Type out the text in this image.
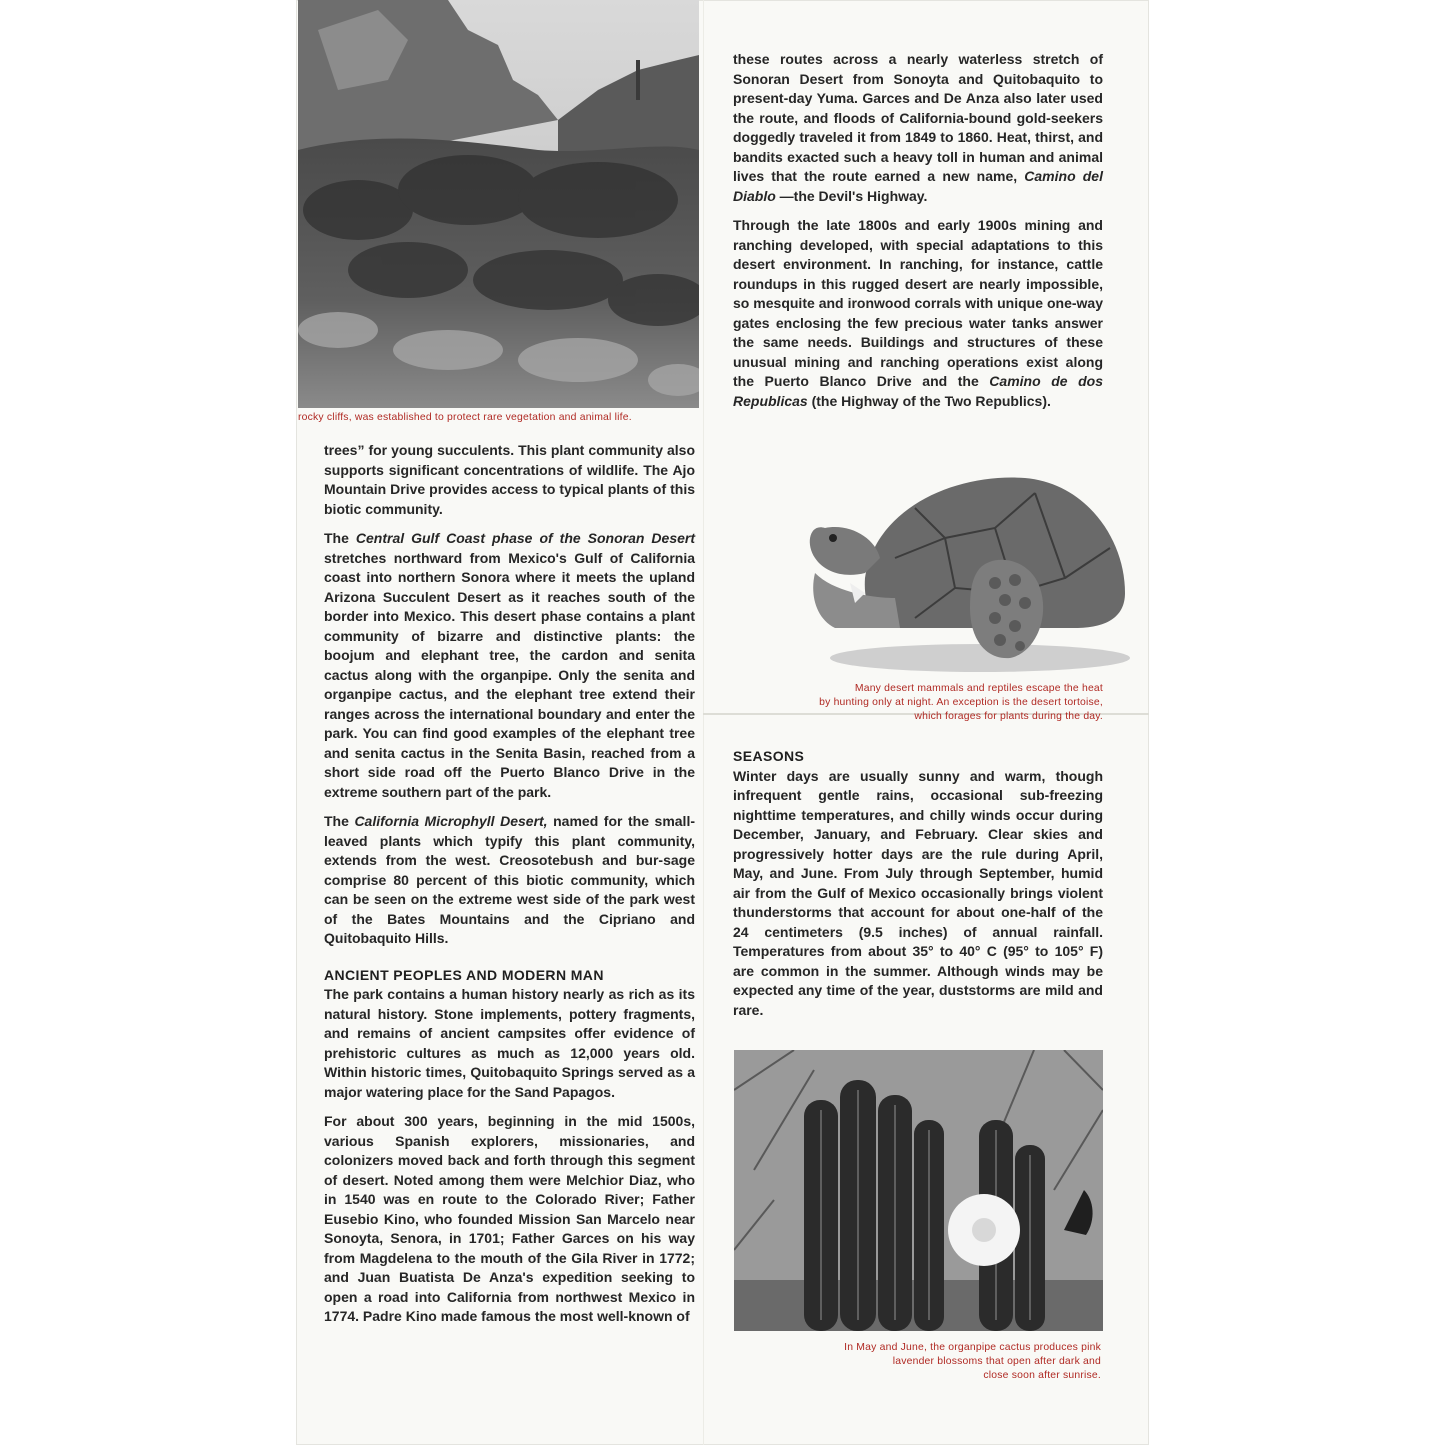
rocky cliffs, was established to protect rare vegetation and animal life.

trees” for young succulents. This plant community also supports significant concentrations of wildlife. The Ajo Mountain Drive provides access to typical plants of this biotic community.

The Central Gulf Coast phase of the Sonoran Desert stretches northward from Mexico's Gulf of California coast into northern Sonora where it meets the upland Arizona Succulent Desert as it reaches south of the border into Mexico. This desert phase contains a plant community of bizarre and distinctive plants: the boojum and elephant tree, the cardon and senita cactus along with the organpipe. Only the senita and organpipe cactus, and the elephant tree extend their ranges across the international boundary and enter the park. You can find good examples of the elephant tree and senita cactus in the Senita Basin, reached from a short side road off the Puerto Blanco Drive in the extreme southern part of the park.

The California Microphyll Desert, named for the small-leaved plants which typify this plant community, extends from the west. Creosotebush and bur-sage comprise 80 percent of this biotic community, which can be seen on the extreme west side of the park west of the Bates Mountains and the Cipriano and Quitobaquito Hills.

ANCIENT PEOPLES AND MODERN MAN

The park contains a human history nearly as rich as its natural history. Stone implements, pottery fragments, and remains of ancient campsites offer evidence of prehistoric cultures as much as 12,000 years old. Within historic times, Quitobaquito Springs served as a major watering place for the Sand Papagos.

For about 300 years, beginning in the mid 1500s, various Spanish explorers, missionaries, and colonizers moved back and forth through this segment of desert. Noted among them were Melchior Diaz, who in 1540 was en route to the Colorado River; Father Eusebio Kino, who founded Mission San Marcelo near Sonoyta, Senora, in 1701; Father Garces on his way from Magdelena to the mouth of the Gila River in 1772; and Juan Buatista De Anza's expedition seeking to open a road into California from northwest Mexico in 1774. Padre Kino made famous the most well-known of

these routes across a nearly waterless stretch of Sonoran Desert from Sonoyta and Quitobaquito to present-day Yuma. Garces and De Anza also later used the route, and floods of California-bound gold-seekers doggedly traveled it from 1849 to 1860. Heat, thirst, and bandits exacted such a heavy toll in human and animal lives that the route earned a new name, Camino del Diablo —the Devil's Highway.

Through the late 1800s and early 1900s mining and ranching developed, with special adaptations to this desert environment. In ranching, for instance, cattle roundups in this rugged desert are nearly impossible, so mesquite and ironwood corrals with unique one-way gates enclosing the few precious water tanks answer the same needs. Buildings and structures of these unusual mining and ranching operations exist along the Puerto Blanco Drive and the Camino de dos Republicas (the Highway of the Two Republics).

Many desert mammals and reptiles escape the heat
by hunting only at night. An exception is the desert tortoise,
which forages for plants during the day.
SEASONS

Winter days are usually sunny and warm, though infrequent gentle rains, occasional sub-freezing nighttime temperatures, and chilly winds occur during December, January, and February. Clear skies and progressively hotter days are the rule during April, May, and June. From July through September, humid air from the Gulf of Mexico occasionally brings violent thunderstorms that account for about one-half of the 24 centimeters (9.5 inches) of annual rainfall. Temperatures from about 35° to 40° C (95° to 105° F) are common in the summer. Although winds may be expected any time of the year, duststorms are mild and rare.

In May and June, the organpipe cactus produces pink
lavender blossoms that open after dark and
close soon after sunrise.
